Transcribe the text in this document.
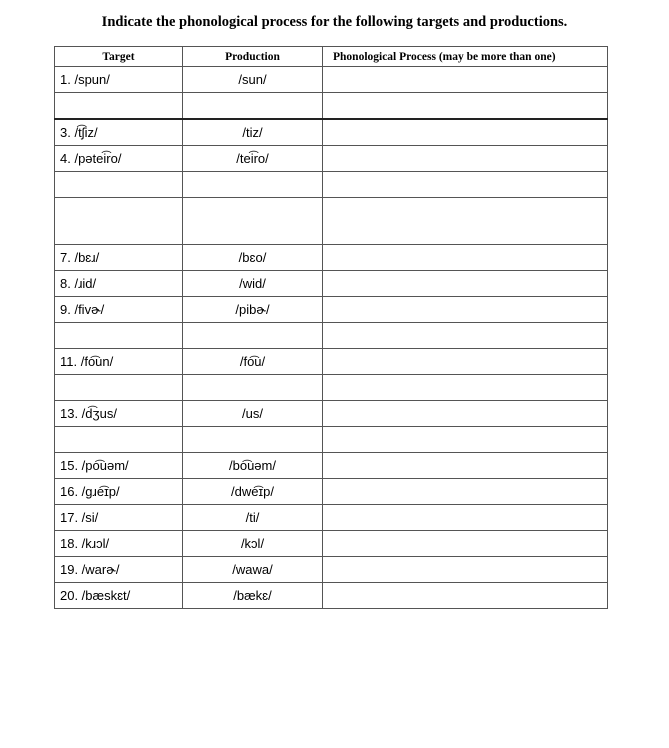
Indicate the phonological process for the following targets and productions.
Target	Production	Phonological Process (may be more than one)
1. /spun/	/sun/	

3. /t͡ʃiz/	/tiz/	
4. /pətei͡ro/	/tei͡ro/	

7. /bɛɹ/	/bɛo/	
8. /ɹid/	/wid/	
9. /fivɚ/	/pibɚ/	

11. /fo͡un/	/fo͡u/	

13. /d͡ʒus/	/us/	

15. /po͡uəm/	/bo͡uəm/	
16. /gɹe͡ɪp/	/dwe͡ɪp/	
17. /si/	/ti/	
18. /kɹɔl/	/kɔl/	
19. /warɚ/	/wawa/	
20. /bæskɛt/	/bækɛ/	
